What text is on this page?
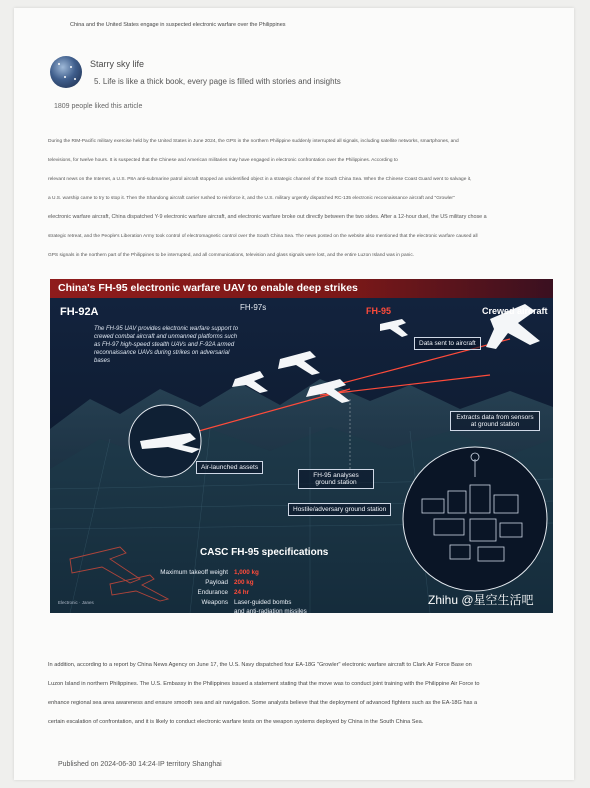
China and the United States engage in suspected electronic warfare over the Philippines
Starry sky life
5. Life is like a thick book, every page is filled with stories and insights
1809 people liked this article

During the RIM-Pacific military exercise held by the United States in June 2024, the GPS in the northern Philippine suddenly interrupted all signals, including satellite networks, smartphones, and

televisions, for twelve hours. It is suspected that the Chinese and American militaries may have engaged in electronic confrontation over the Philippines. According to

relevant news on the Internet, a U.S. P8A anti-submarine patrol aircraft stopped an unidentified object in a strategic channel of the South China Sea. When the Chinese Coast Guard went to salvage it,

a U.S. warship came to try to stop it. Then the Shandong aircraft carrier rushed to reinforce it, and the U.S. military urgently dispatched RC-135 electronic reconnaissance aircraft and "Growler"

electronic warfare aircraft, China dispatched Y-9 electronic warfare aircraft, and electronic warfare broke out directly between the two sides. After a 12-hour duel, the US military chose a

strategic retreat, and the People's Liberation Army took control of electromagnetic control over the South China Sea. The news posted on the website also mentioned that the electronic warfare caused all

GPS signals in the northern part of the Philippines to be interrupted, and all communications, television and glass signals were lost, and the entire Luzon Island was in panic.

China's FH-95 electronic warfare UAV to enable deep strikes
FH-92A	FH-97s	FH-95	Crewed aircraft
The FH-95 UAV provides electronic warfare support to crewed combat aircraft and unmanned platforms such as FH-97 high-speed stealth UAVs and F-92A armed reconnaissance UAVs during strikes on adversarial bases
Data sent to aircraft
Extracts data from sensors at ground station
Air-launched assets
FH-95 analyses ground station
Hostile/adversary ground station
CASC FH-95 specifications
Maximum takeoff weight 1,000 kg
Payload 200 kg
Endurance 24 hr
Weapons Laser-guided bombs
and anti-radiation missiles
Zhihu @星空生活吧
Electronic · Janes

In addition, according to a report by China News Agency on June 17, the U.S. Navy dispatched four EA-18G "Growler" electronic warfare aircraft to Clark Air Force Base on

Luzon Island in northern Philippines. The U.S. Embassy in the Philippines issued a statement stating that the move was to conduct joint training with the Philippine Air Force to

enhance regional sea area awareness and ensure smooth sea and air navigation. Some analysts believe that the deployment of advanced fighters such as the EA-18G has a

certain escalation of confrontation, and it is likely to conduct electronic warfare tests on the weapon systems deployed by China in the South China Sea.

Published on 2024-06-30 14:24·IP territory Shanghai
